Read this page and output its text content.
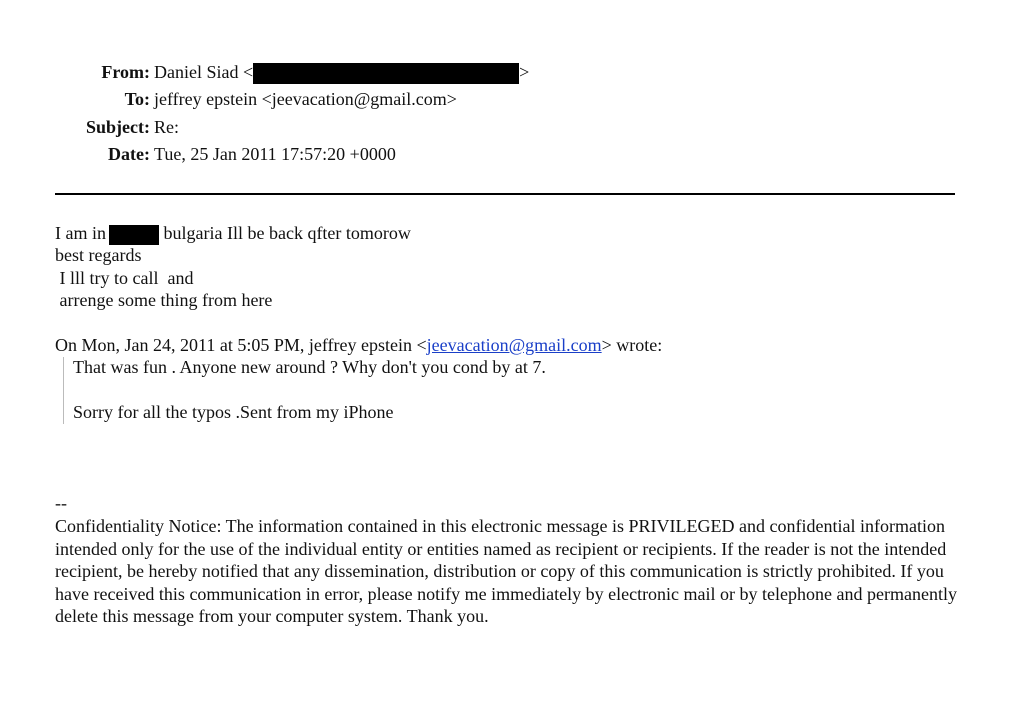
From: Daniel Siad <	>
To: jeffrey epstein <jeevacation@gmail.com>
Subject: Re:
Date: Tue, 25 Jan 2011 17:57:20 +0000
I am in	bulgaria Ill be back qfter tomorow
best regards
I lll try to call  and
arrenge some thing from here
On Mon, Jan 24, 2011 at 5:05 PM, jeffrey epstein <jeevacation@gmail.com> wrote:
That was fun . Anyone new around ? Why don't you cond by at 7.
Sorry for all the typos .Sent from my iPhone
--
Confidentiality Notice: The information contained in this electronic message is PRIVILEGED and confidential information intended only for the use of the individual entity or entities named as recipient or recipients. If the reader is not the intended recipient, be hereby notified that any dissemination, distribution or copy of this communication is strictly prohibited. If you have received this communication in error, please notify me immediately by electronic mail or by telephone and permanently delete this message from your computer system. Thank you.
